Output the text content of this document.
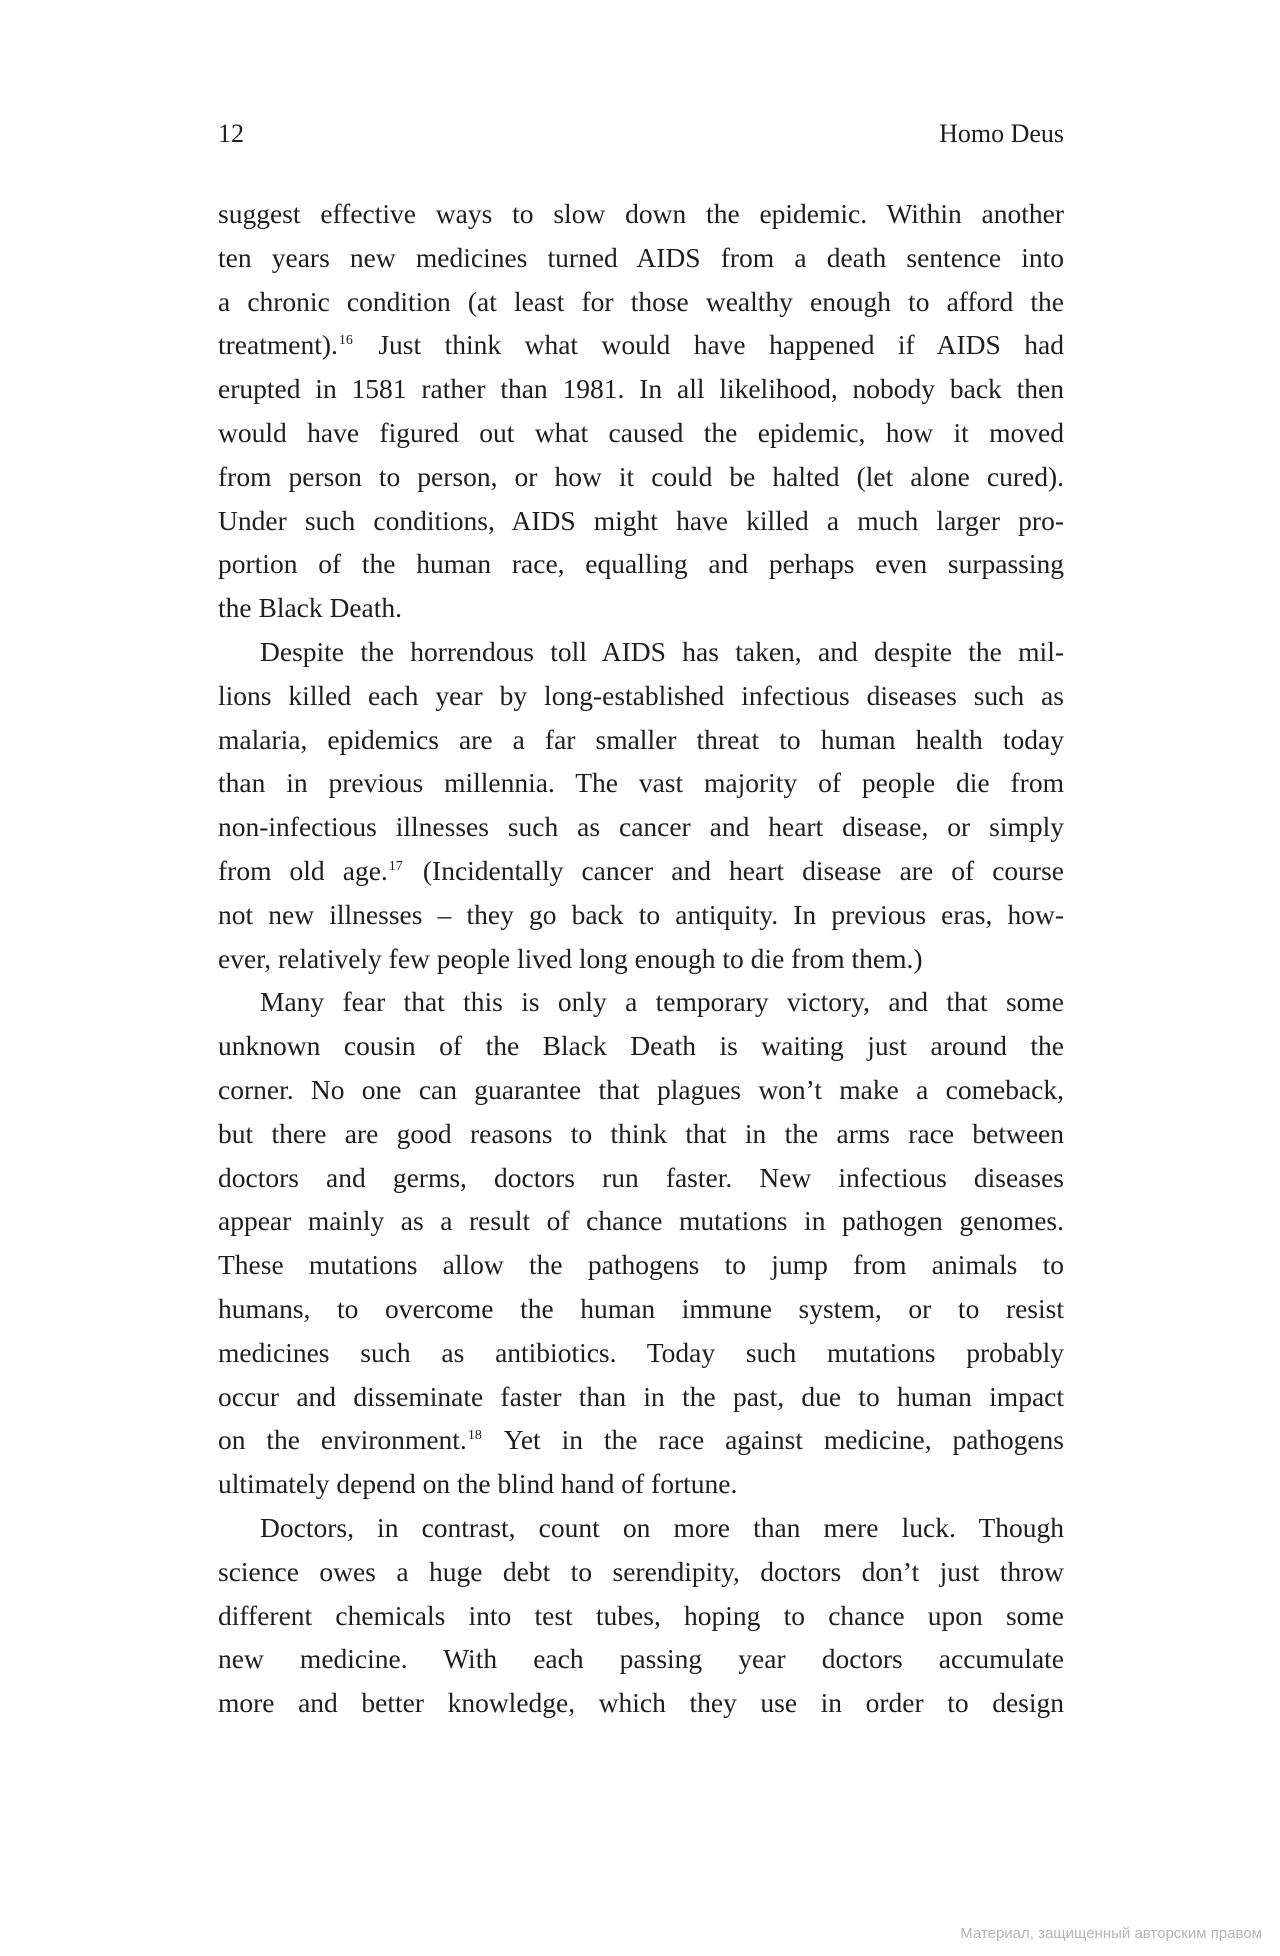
12	Homo Deus
suggest effective ways to slow down the epidemic. Within another
ten years new medicines turned AIDS from a death sentence into
a chronic condition (at least for those wealthy enough to afford the
treatment).$^{16}$ Just think what would have happened if AIDS had
erupted in 1581 rather than 1981. In all likelihood, nobody back then
would have figured out what caused the epidemic, how it moved
from person to person, or how it could be halted (let alone cured).
Under such conditions, AIDS might have killed a much larger pro-
portion of the human race, equalling and perhaps even surpassing
the Black Death.
Despite the horrendous toll AIDS has taken, and despite the mil-
lions killed each year by long-established infectious diseases such as
malaria, epidemics are a far smaller threat to human health today
than in previous millennia. The vast majority of people die from
non-infectious illnesses such as cancer and heart disease, or simply
from old age.$^{17}$ (Incidentally cancer and heart disease are of course
not new illnesses – they go back to antiquity. In previous eras, how-
ever, relatively few people lived long enough to die from them.)
Many fear that this is only a temporary victory, and that some
unknown cousin of the Black Death is waiting just around the
corner. No one can guarantee that plagues won’t make a comeback,
but there are good reasons to think that in the arms race between
doctors and germs, doctors run faster. New infectious diseases
appear mainly as a result of chance mutations in pathogen genomes.
These mutations allow the pathogens to jump from animals to
humans, to overcome the human immune system, or to resist
medicines such as antibiotics. Today such mutations probably
occur and disseminate faster than in the past, due to human impact
on the environment.$^{18}$ Yet in the race against medicine, pathogens
ultimately depend on the blind hand of fortune.
Doctors, in contrast, count on more than mere luck. Though
science owes a huge debt to serendipity, doctors don’t just throw
different chemicals into test tubes, hoping to chance upon some
new medicine. With each passing year doctors accumulate
more and better knowledge, which they use in order to design
Материал, защищенный авторским правом
